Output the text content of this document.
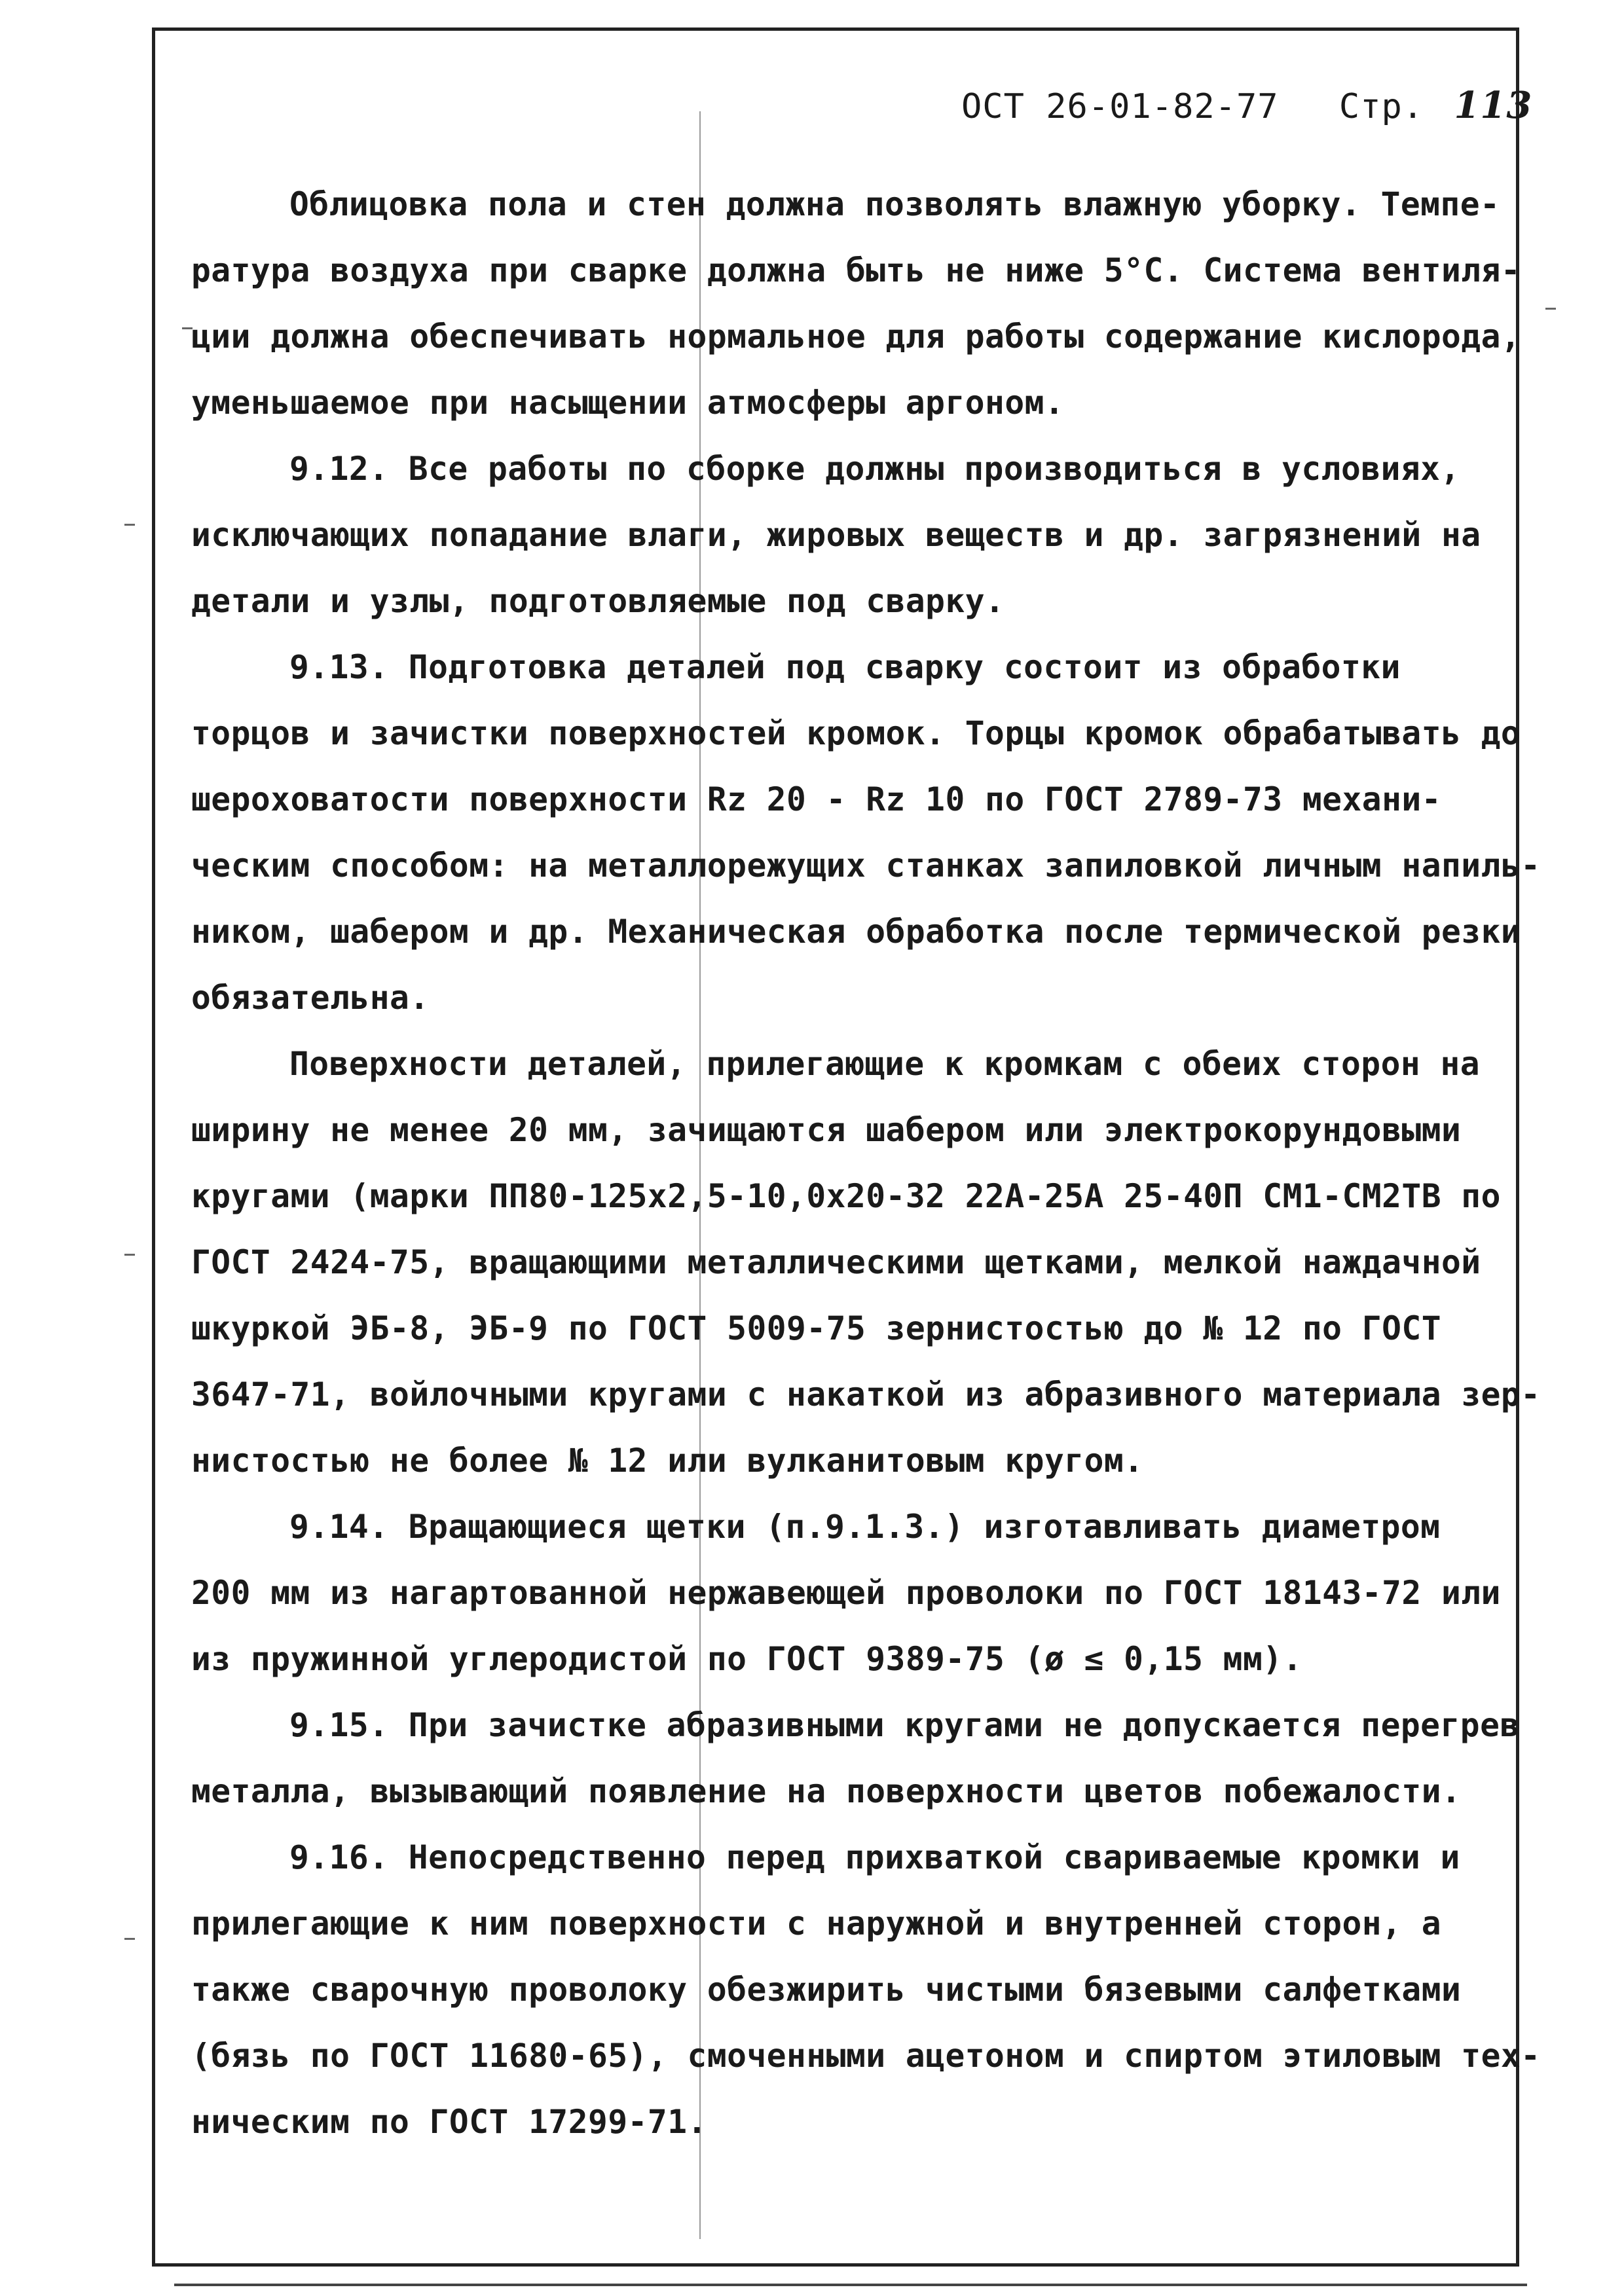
ОСТ 26-01-82-77 Стр. 113
Облицовка пола и стен должна позволять влажную уборку. Темпе-
ратура воздуха при сварке должна быть не ниже 5°С. Система вентиля-
ции должна обеспечивать нормальное для работы содержание кислорода,
уменьшаемое при насыщении атмосферы аргоном.
9.12. Все работы по сборке должны производиться в условиях,
исключающих попадание влаги, жировых веществ и др. загрязнений на
детали и узлы, подготовляемые под сварку.
9.13. Подготовка деталей под сварку состоит из обработки
торцов и зачистки поверхностей кромок. Торцы кромок обрабатывать до
шероховатости поверхности Rz 20 - Rz 10 по ГОСТ 2789-73 механи-
ческим способом: на металлорежущих станках запиловкой личным напиль-
ником, шабером и др. Механическая обработка после термической резки
обязательна.
Поверхности деталей, прилегающие к кромкам с обеих сторон на
ширину не менее 20 мм, зачищаются шабером или электрокорундовыми
кругами (марки ПП80-125х2,5-10,0х20-32 22А-25А 25-40П СМ1-СМ2ТВ по
ГОСТ 2424-75, вращающими металлическими щетками, мелкой наждачной
шкуркой ЭБ-8, ЭБ-9 по ГОСТ 5009-75 зернистостью до № 12 по ГОСТ
3647-71, войлочными кругами с накаткой из абразивного материала зер-
нистостью не более № 12 или вулканитовым кругом.
9.14. Вращающиеся щетки (п.9.1.3.) изготавливать диаметром
200 мм из нагартованной нержавеющей проволоки по ГОСТ 18143-72 или
из пружинной углеродистой по ГОСТ 9389-75 (ø ≤ 0,15 мм).
9.15. При зачистке абразивными кругами не допускается перегрев
металла, вызывающий появление на поверхности цветов побежалости.
9.16. Непосредственно перед прихваткой свариваемые кромки и
прилегающие к ним поверхности с наружной и внутренней сторон, а
также сварочную проволоку обезжирить чистыми бязевыми салфетками
(бязь по ГОСТ 11680-65), смоченными ацетоном и спиртом этиловым тех-
ническим по ГОСТ 17299-71.
